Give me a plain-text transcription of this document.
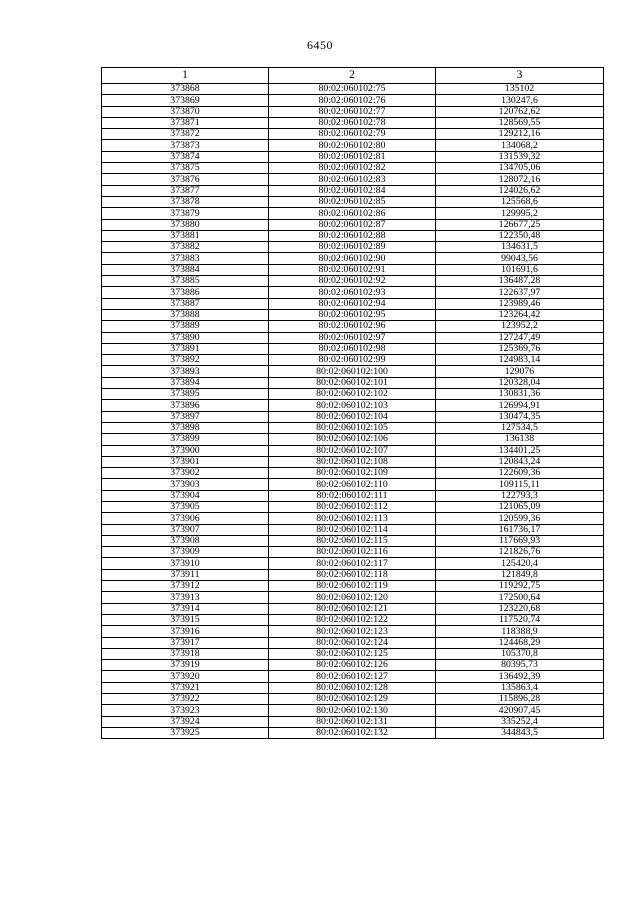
6450
1	2	3
373868	80:02:060102:75	135102
373869	80:02:060102:76	130247,6
373870	80:02:060102:77	120762,62
373871	80:02:060102:78	128569,55
373872	80:02:060102:79	129212,16
373873	80:02:060102:80	134068,2
373874	80:02:060102:81	131539,32
373875	80:02:060102:82	134705,06
373876	80:02:060102:83	128072,16
373877	80:02:060102:84	124026,62
373878	80:02:060102:85	125568,6
373879	80:02:060102:86	129995,2
373880	80:02:060102:87	126677,25
373881	80:02:060102:88	122350,48
373882	80:02:060102:89	134631,5
373883	80:02:060102:90	99043,56
373884	80:02:060102:91	101691,6
373885	80:02:060102:92	136487,28
373886	80:02:060102:93	122637,97
373887	80:02:060102:94	123989,46
373888	80:02:060102:95	123264,42
373889	80:02:060102:96	123952,2
373890	80:02:060102:97	127247,49
373891	80:02:060102:98	125369,76
373892	80:02:060102:99	124983,14
373893	80:02:060102:100	129076
373894	80:02:060102:101	120328,04
373895	80:02:060102:102	130831,36
373896	80:02:060102:103	126994,91
373897	80:02:060102:104	130474,35
373898	80:02:060102:105	127534,5
373899	80:02:060102:106	136138
373900	80:02:060102:107	134401,25
373901	80:02:060102:108	120843,24
373902	80:02:060102:109	122609,36
373903	80:02:060102:110	109115,11
373904	80:02:060102:111	122793,3
373905	80:02:060102:112	121065,09
373906	80:02:060102:113	120599,36
373907	80:02:060102:114	161736,17
373908	80:02:060102:115	117669,93
373909	80:02:060102:116	121826,76
373910	80:02:060102:117	125420,4
373911	80:02:060102:118	121849,8
373912	80:02:060102:119	119292,75
373913	80:02:060102:120	172500,64
373914	80:02:060102:121	123220,68
373915	80:02:060102:122	117520,74
373916	80:02:060102:123	118388,9
373917	80:02:060102:124	124468,29
373918	80:02:060102:125	105370,8
373919	80:02:060102:126	80395,73
373920	80:02:060102:127	136492,39
373921	80:02:060102:128	135863,4
373922	80:02:060102:129	115896,28
373923	80:02:060102:130	420907,45
373924	80:02:060102:131	335252,4
373925	80:02:060102:132	344843,5
